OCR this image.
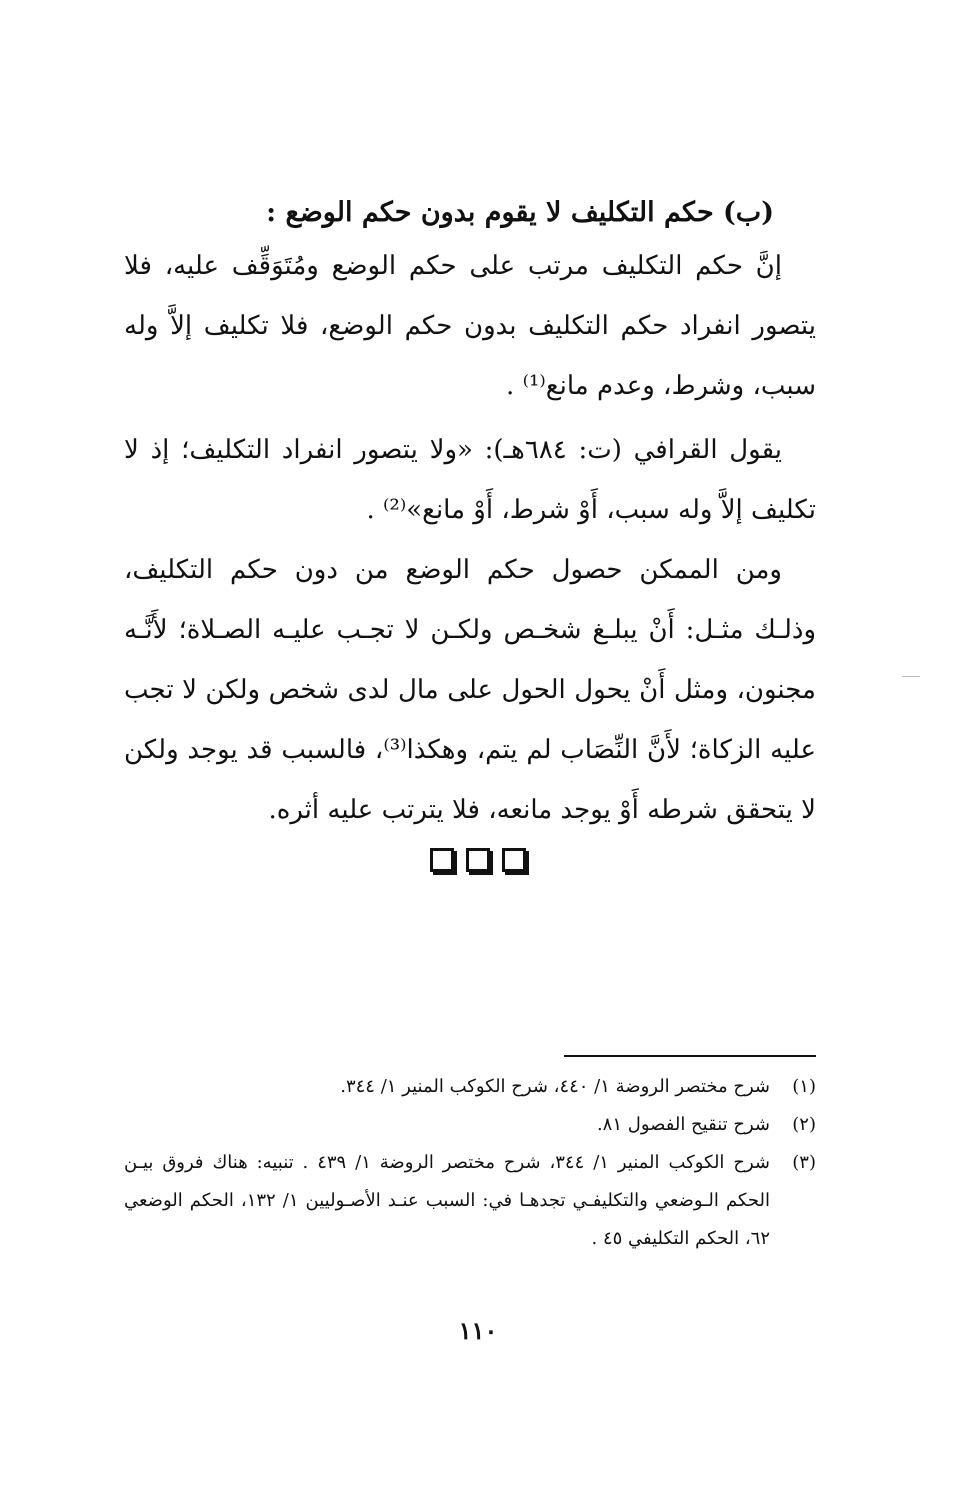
(ب) حكم التكليف لا يقوم بدون حكم الوضع :
إنَّ حكم التكليف مرتب على حكم الوضع ومُتَوَقِّف عليه، فلا يتصور انفراد حكم التكليف بدون حكم الوضع، فلا تكليف إلاَّ وله سبب، وشرط، وعدم مانع⁽¹⁾ .
يقول القرافي (ت: ٦٨٤هـ): «ولا يتصور انفراد التكليف؛ إذ لا تكليف إلاَّ وله سبب، أَوْ شرط، أَوْ مانع»⁽²⁾ .
ومن الممكن حصول حكم الوضع من دون حكم التكليف، وذلـك مثـل: أَنْ يبلـغ شخـص ولكـن لا تجـب عليـه الصـلاة؛ لأَنَّـه مجنون، ومثل أَنْ يحول الحول على مال لدى شخص ولكن لا تجب عليه الزكاة؛ لأَنَّ النِّصَاب لم يتم، وهكذا⁽³⁾، فالسبب قد يوجد ولكن لا يتحقق شرطه أَوْ يوجد مانعه، فلا يترتب عليه أثره.

(١)
شرح مختصر الروضة ١/ ٤٤٠، شرح الكوكب المنير ١/ ٣٤٤.
(٢)
شرح تنقيح الفصول ٨١.
(٣)
شرح الكوكب المنير ١/ ٣٤٤، شرح مختصر الروضة ١/ ٤٣٩ . تنبيه: هناك فروق بيـن الحكم الـوضعي والتكليفـي تجدهـا في: السبب عنـد الأصـوليين ١/ ١٣٢، الحكم الوضعي ٦٢، الحكم التكليفي ٤٥ .
١١٠
